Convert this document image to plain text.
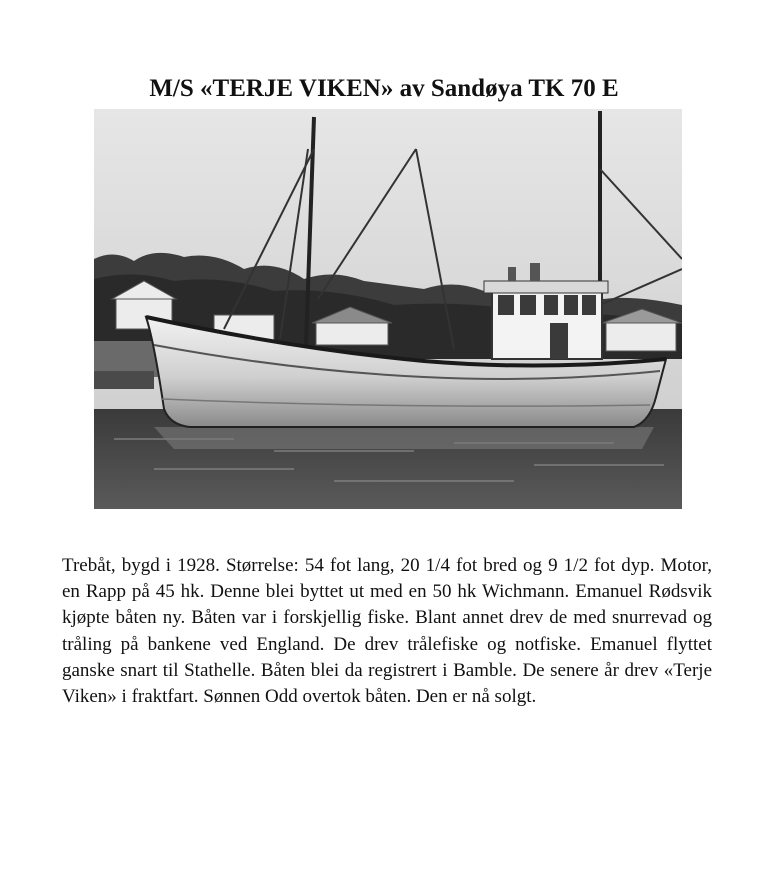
M/S «TERJE VIKEN» av Sandøya TK 70 E

Trebåt, bygd i 1928. Størrelse: 54 fot lang, 20 1/4 fot bred og 9 1/2 fot dyp. Motor, en Rapp på 45 hk. Denne blei byttet ut med en 50 hk Wichmann. Emanuel Rødsvik kjøpte båten ny. Båten var i forskjellig fiske. Blant annet drev de med snurrevad og tråling på bankene ved England. De drev trålefiske og notfiske. Emanuel flyttet ganske snart til Stathelle. Båten blei da registrert i Bamble. De senere år drev «Terje Viken» i fraktfart. Sønnen Odd overtok båten. Den er nå solgt.
